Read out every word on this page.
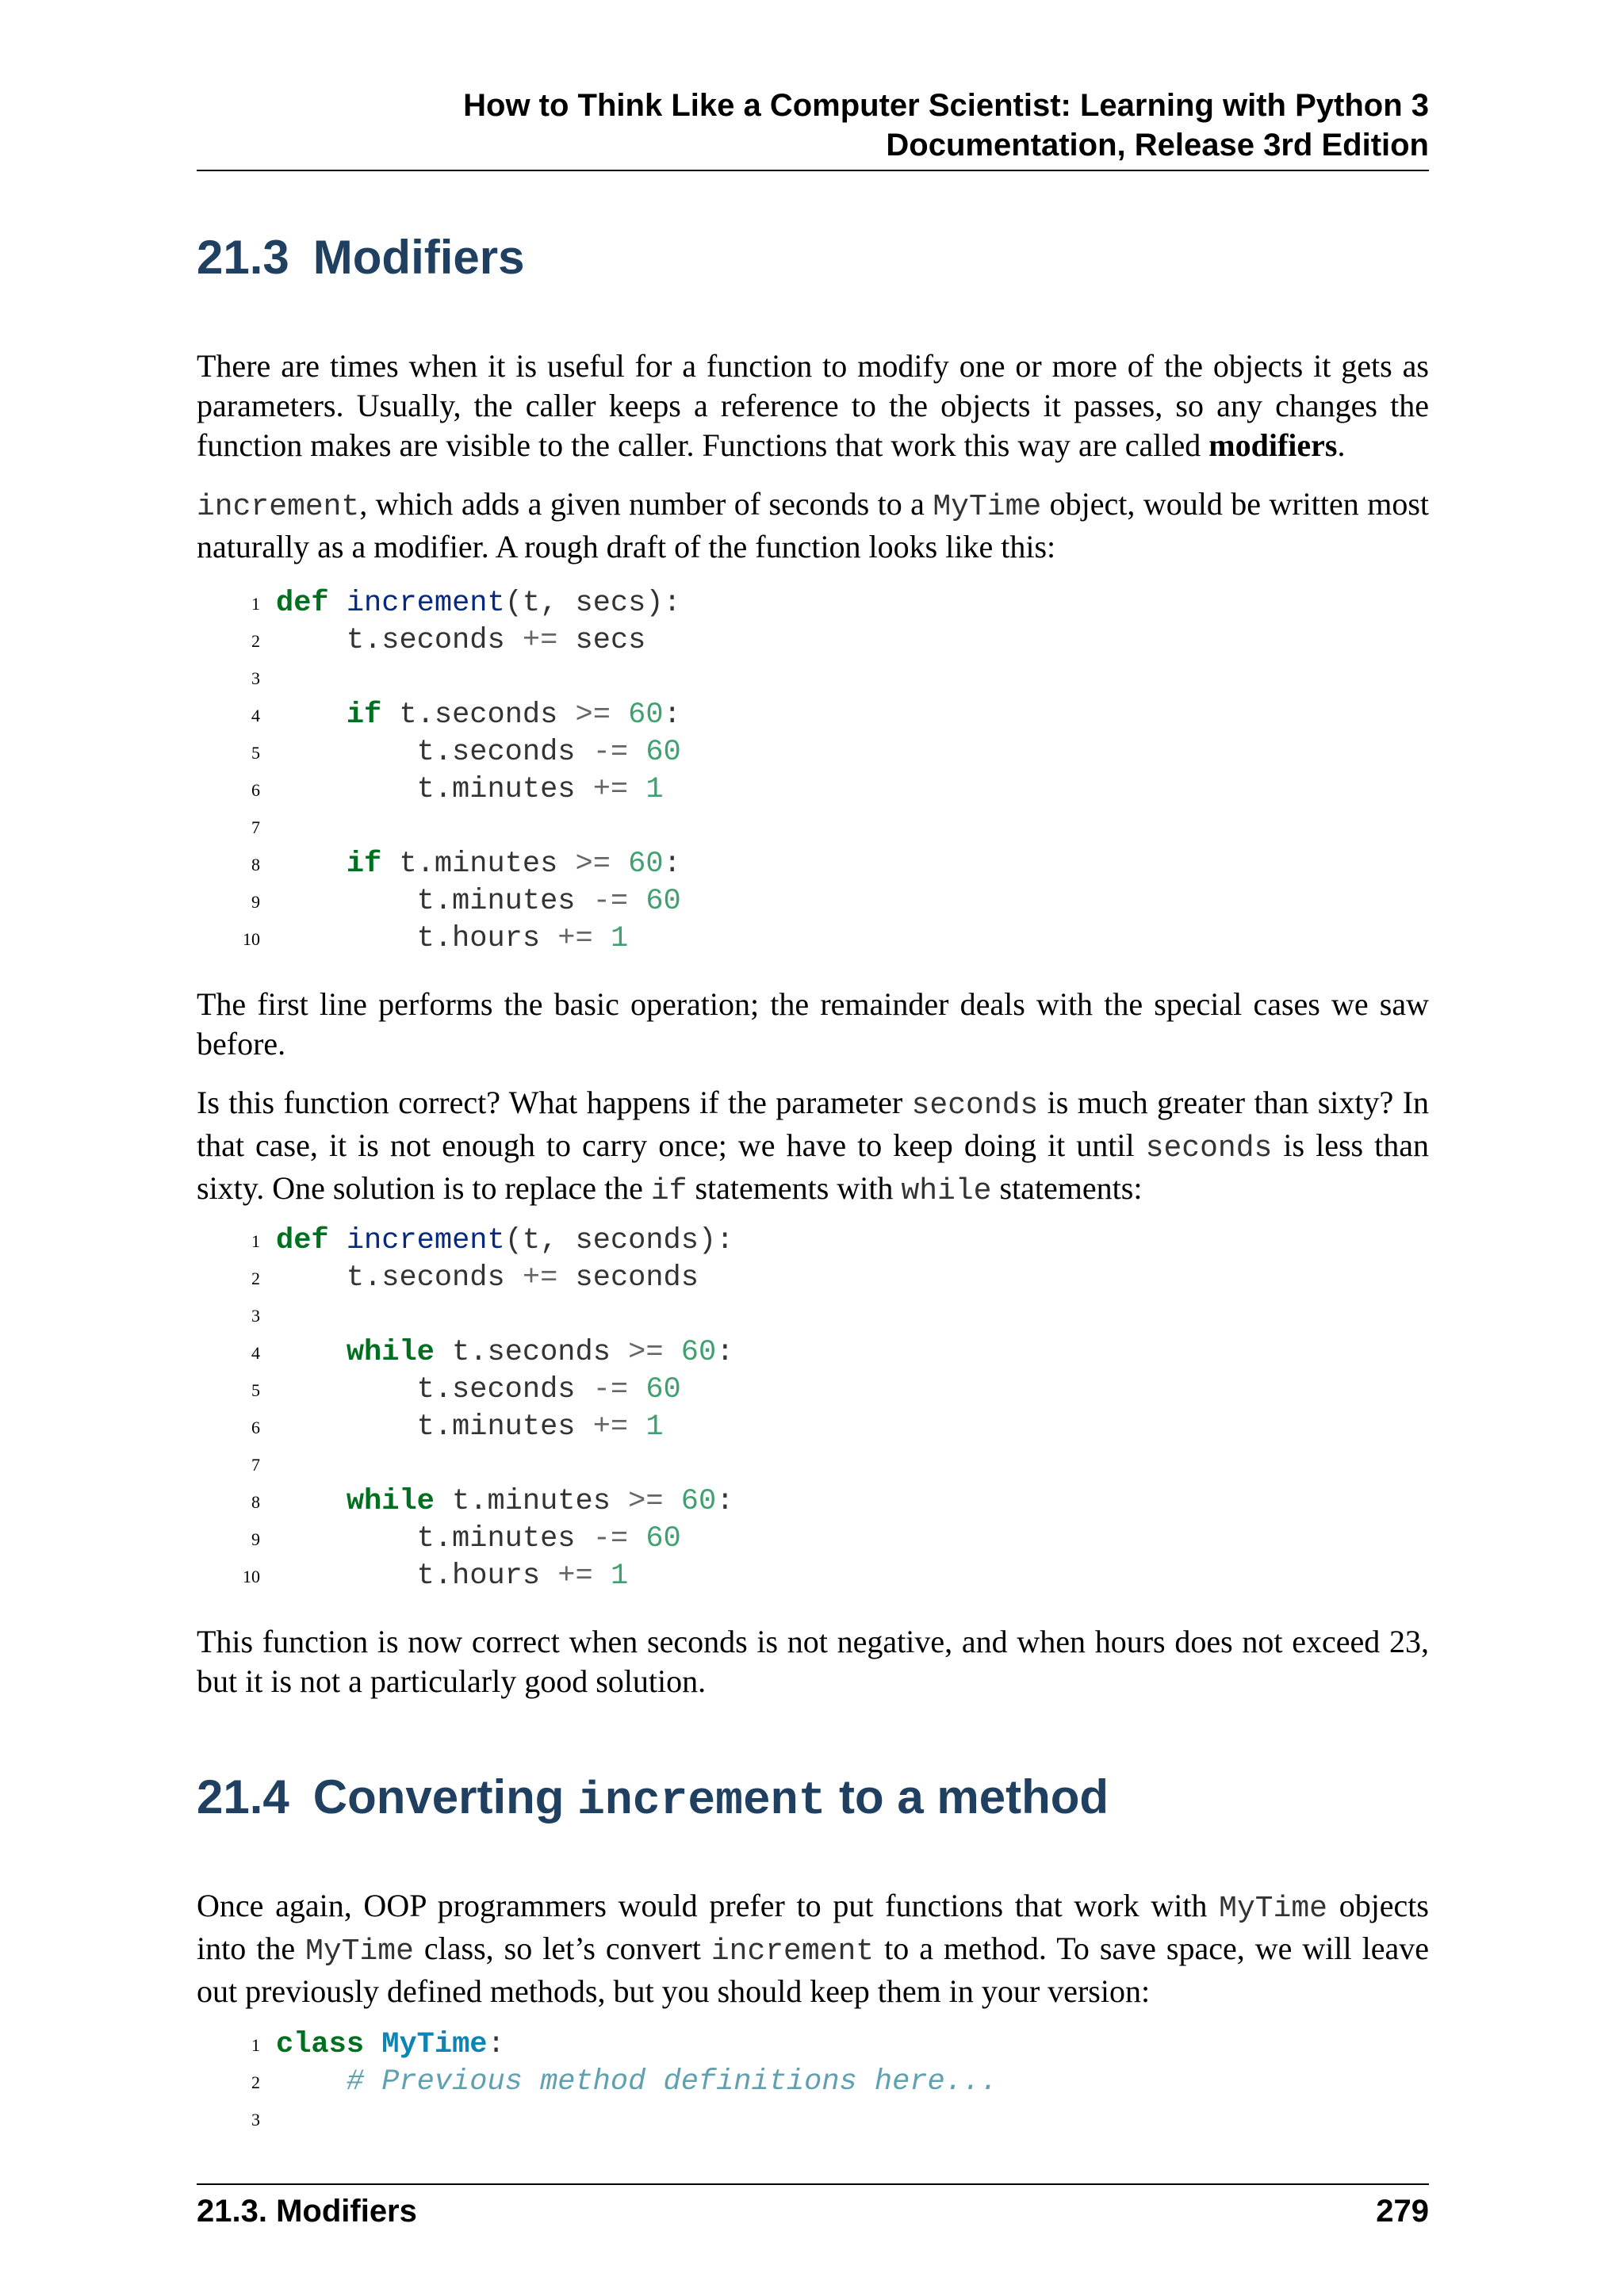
How to Think Like a Computer Scientist: Learning with Python 3
Documentation, Release 3rd Edition
21.3 Modifiers

There are times when it is useful for a function to modify one or more of the objects it gets as parameters. Usually, the caller keeps a reference to the objects it passes, so any changes the function makes are visible to the caller. Functions that work this way are called modifiers.

increment, which adds a given number of seconds to a MyTime object, would be written most naturally as a modifier. A rough draft of the function looks like this:

1 def increment(t, secs):
2	t.seconds += secs
3
4	if t.seconds >= 60:
5	t.seconds -= 60
6	t.minutes += 1
7
8	if t.minutes >= 60:
9	t.minutes -= 60
10	t.hours += 1

The first line performs the basic operation; the remainder deals with the special cases we saw before.

Is this function correct? What happens if the parameter seconds is much greater than sixty? In that case, it is not enough to carry once; we have to keep doing it until seconds is less than sixty. One solution is to replace the if statements with while statements:

1 def increment(t, seconds):
2	t.seconds += seconds
3
4	while t.seconds >= 60:
5	t.seconds -= 60
6	t.minutes += 1
7
8	while t.minutes >= 60:
9	t.minutes -= 60
10	t.hours += 1

This function is now correct when seconds is not negative, and when hours does not exceed 23, but it is not a particularly good solution.

21.4 Converting increment to a method

Once again, OOP programmers would prefer to put functions that work with MyTime objects into the MyTime class, so let’s convert increment to a method. To save space, we will leave out previously defined methods, but you should keep them in your version:

1 class MyTime:
2	# Previous method definitions here...
3
21.3. Modifiers	279
